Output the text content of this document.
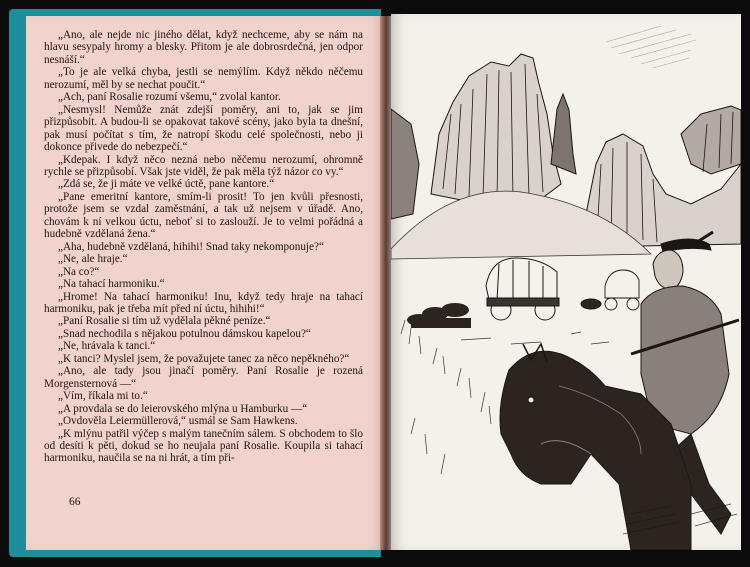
„Ano, ale nejde nic jiného dělat, když nechceme, aby se nám na hlavu sesypaly hromy a blesky. Přitom je ale dobrosrdečná, jen odpor nesnáší.“

„To je ale velká chyba, jestli se nemýlím. Když někdo něčemu nerozumí, měl by se nechat poučit.“

„Ach, paní Rosalie rozumí všemu,“ zvolal kantor.

„Nesmysl! Nemůže znát zdejší poměry, ani to, jak se jim přizpůsobit. A budou-li se opakovat takové scény, jako byla ta dnešní, pak musí počítat s tím, že natropí škodu celé společnosti, nebo ji dokonce přivede do nebezpečí.“

„Kdepak. I když něco nezná nebo něčemu nerozumí, ohromně rychle se přizpůsobí. Však jste viděl, že pak měla týž názor co vy.“

„Zdá se, že ji máte ve velké úctě, pane kantore.“

„Pane emeritní kantore, smím-li prosit! To jen kvůli přesnosti, protože jsem se vzdal zaměstnání, a tak už nejsem v úřadě. Ano, chovám k ní velkou úctu, neboť si to zaslouží. Je to velmi pořádná a hudebně vzdělaná žena.“

„Aha, hudebně vzdělaná, hihihi! Snad taky nekomponuje?“

„Ne, ale hraje.“

„Na co?“

„Na tahací harmoniku.“

„Hrome! Na tahací harmoniku! Inu, když tedy hraje na tahací harmoniku, pak je třeba mít před ní úctu, hihihi!“

„Paní Rosalie si tím už vydělala pěkné peníze.“

„Snad nechodila s nějakou potulnou dámskou kapelou?“

„Ne, hrávala k tanci.“

„K tanci? Myslel jsem, že považujete tanec za něco nepěkného?“

„Ano, ale tady jsou jinačí poměry. Paní Rosalie je rozená Morgensternová —“

„Vím, říkala mi to.“

„A provdala se do leierovského mlýna u Hamburku —“

„Ovdověla Leiermüllerová,“ usmál se Sam Hawkens.

„K mlýnu patřil výčep s malým tanečním sálem. S obchodem to šlo od desíti k pěti, dokud se ho neujala paní Rosalie. Koupila si tahací harmoniku, naučila se na ni hrát, a tím při-

66
